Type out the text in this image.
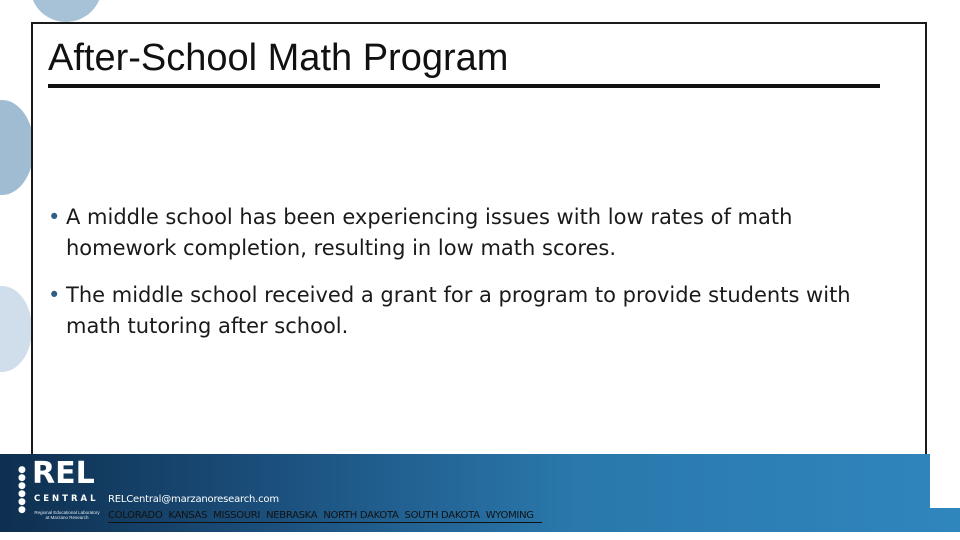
After-School Math Program
• A middle school has been experiencing issues with low rates of math homework completion, resulting in low math scores.
• The middle school received a grant for a program to provide students with math tutoring after school.
●
● ●
●
● ●
REL
CENTRAL
Regional Educational Laboratory at Marzano Research
RELCentral@marzanoresearch.com
COLORADO KANSAS MISSOURI NEBRASKA NORTH DAKOTA SOUTH DAKOTA WYOMING
